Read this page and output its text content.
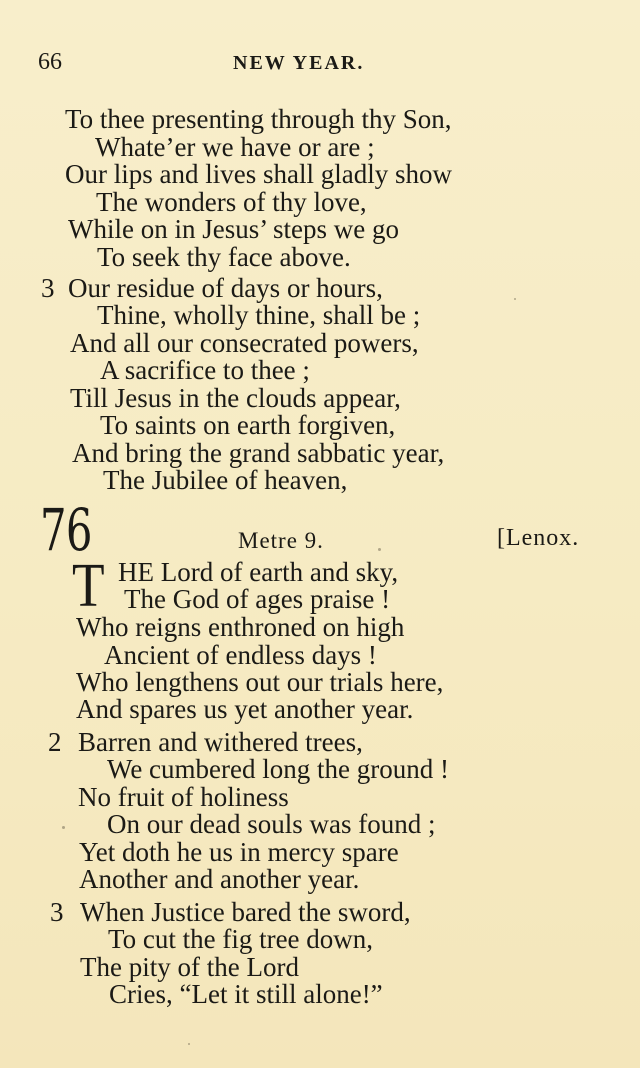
66	NEW YEAR.
To thee presenting through thy Son,
Whate’er we have or are ;
Our lips and lives shall gladly show
The wonders of thy love,
While on in Jesus’ steps we go
To seek thy face above.
3 Our residue of days or hours,
Thine, wholly thine, shall be ;
And all our consecrated powers,
A sacrifice to thee ;
Till Jesus in the clouds appear,
To saints on earth forgiven,
And bring the grand sabbatic year,
The Jubilee of heaven,
76	Metre 9.	[Lenox.
T HE Lord of earth and sky,
The God of ages praise !
Who reigns enthroned on high
Ancient of endless days !
Who lengthens out our trials here,
And spares us yet another year.
2 Barren and withered trees,
We cumbered long the ground !
No fruit of holiness
On our dead souls was found ;
Yet doth he us in mercy spare
Another and another year.
3 When Justice bared the sword,
To cut the fig tree down,
The pity of the Lord
Cries, “Let it still alone!”
